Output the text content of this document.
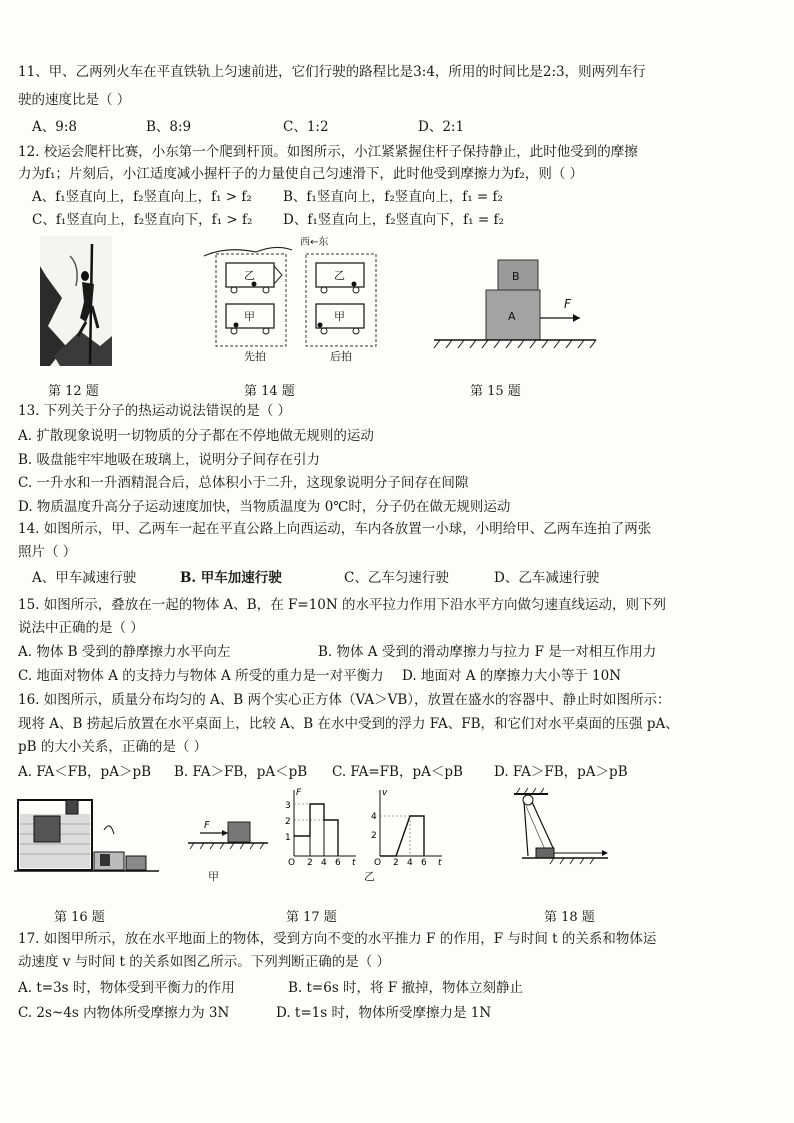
11、甲、乙两列火车在平直铁轨上匀速前进，它们行驶的路程比是3:4，所用的时间比是2:3，则两列车行
驶的速度比是（ ）
A、9:8	B、8:9	C、1:2	D、2:1
12. 校运会爬杆比赛，小东第一个爬到杆顶。如图所示，小江紧紧握住杆子保持静止，此时他受到的摩擦
力为f₁；片刻后，小江适度减小握杆子的力量使自己匀速滑下，此时他受到摩擦力为f₂，则（ ）
A、f₁竖直向上，f₂竖直向上，f₁ > f₂ B、f₁竖直向上，f₂竖直向上，f₁ = f₂
C、f₁竖直向上，f₂竖直向下，f₁ > f₂ D、f₁竖直向上，f₂竖直向下，f₁ = f₂
西←东
乙
甲
乙
甲
先拍	后拍
B
A
F
第 12 题	第 14 题	第 15 题
13. 下列关于分子的热运动说法错误的是（ ）
A. 扩散现象说明一切物质的分子都在不停地做无规则的运动
B. 吸盘能牢牢地吸在玻璃上，说明分子间存在引力
C. 一升水和一升酒精混合后，总体积小于二升，这现象说明分子间存在间隙
D. 物质温度升高分子运动速度加快，当物质温度为 0℃时，分子仍在做无规则运动
14. 如图所示，甲、乙两车一起在平直公路上向西运动，车内各放置一小球，小明给甲、乙两车连拍了两张
照片（ ）
A、甲车减速行驶	B. 甲车加速行驶	C、乙车匀速行驶	D、乙车减速行驶
15. 如图所示，叠放在一起的物体 A、B，在 F=10N 的水平拉力作用下沿水平方向做匀速直线运动，则下列
说法中正确的是（ ）
A. 物体 B 受到的静摩擦力水平向左	B. 物体 A 受到的滑动摩擦力与拉力 F 是一对相互作用力
C. 地面对物体 A 的支持力与物体 A 所受的重力是一对平衡力 D. 地面对 A 的摩擦力大小等于 10N
16. 如图所示，质量分布均匀的 A、B 两个实心正方体（VA＞VB），放置在盛水的容器中、静止时如图所示：
现将 A、B 捞起后放置在水平桌面上，比较 A、B 在水中受到的浮力 FA、FB，和它们对水平桌面的压强 pA、
pB 的大小关系，正确的是（ ）
A. FA＜FB，pA＞pB B. FA＞FB，pA＜pB C. FA=FB，pA＜pB D. FA＞FB，pA＞pB
F
甲
F
t
3
2
1
O 2 4 6
v
t
4
2
O 2 4 6
乙
第 16 题	第 17 题	第 18 题
17. 如图甲所示，放在水平地面上的物体，受到方向不变的水平推力 F 的作用，F 与时间 t 的关系和物体运
动速度 v 与时间 t 的关系如图乙所示。下列判断正确的是（ ）
A. t=3s 时，物体受到平衡力的作用	B. t=6s 时，将 F 撤掉，物体立刻静止
C. 2s~4s 内物体所受摩擦力为 3N	D. t=1s 时，物体所受摩擦力是 1N
